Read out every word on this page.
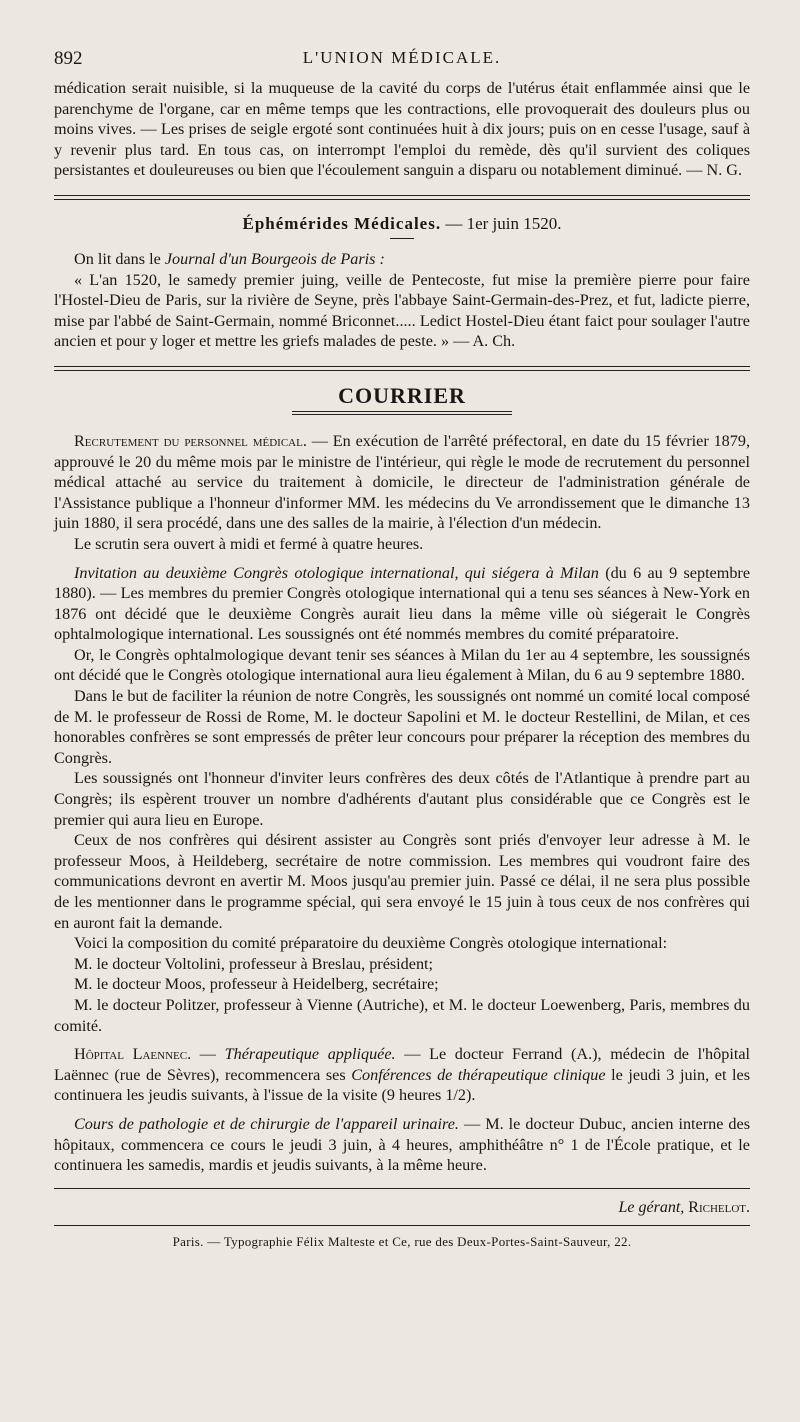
892	L'UNION MÉDICALE.

médication serait nuisible, si la muqueuse de la cavité du corps de l'utérus était enflammée ainsi que le parenchyme de l'organe, car en même temps que les contractions, elle provoquerait des douleurs plus ou moins vives. — Les prises de seigle ergoté sont continuées huit à dix jours; puis on en cesse l'usage, sauf à y revenir plus tard. En tous cas, on interrompt l'emploi du remède, dès qu'il survient des coliques persistantes et douleureuses ou bien que l'écoulement sanguin a disparu ou notablement diminué. — N. G.

Éphémérides Médicales. — 1er juin 1520.

On lit dans le Journal d'un Bourgeois de Paris :

« L'an 1520, le samedy premier juing, veille de Pentecoste, fut mise la première pierre pour faire l'Hostel-Dieu de Paris, sur la rivière de Seyne, près l'abbaye Saint-Germain-des-Prez, et fut, ladicte pierre, mise par l'abbé de Saint-Germain, nommé Briconnet..... Ledict Hostel-Dieu étant faict pour soulager l'autre ancien et pour y loger et mettre les griefs malades de peste. » — A. Ch.

COURRIER

Recrutement du personnel médical. — En exécution de l'arrêté préfectoral, en date du 15 février 1879, approuvé le 20 du même mois par le ministre de l'intérieur, qui règle le mode de recrutement du personnel médical attaché au service du traitement à domicile, le directeur de l'administration générale de l'Assistance publique a l'honneur d'informer MM. les médecins du Ve arrondissement que le dimanche 13 juin 1880, il sera procédé, dans une des salles de la mairie, à l'élection d'un médecin.

Le scrutin sera ouvert à midi et fermé à quatre heures.

Invitation au deuxième Congrès otologique international, qui siégera à Milan (du 6 au 9 septembre 1880). — Les membres du premier Congrès otologique international qui a tenu ses séances à New-York en 1876 ont décidé que le deuxième Congrès aurait lieu dans la même ville où siégerait le Congrès ophtalmologique international. Les soussignés ont été nommés membres du comité préparatoire.

Or, le Congrès ophtalmologique devant tenir ses séances à Milan du 1er au 4 septembre, les soussignés ont décidé que le Congrès otologique international aura lieu également à Milan, du 6 au 9 septembre 1880.

Dans le but de faciliter la réunion de notre Congrès, les soussignés ont nommé un comité local composé de M. le professeur de Rossi de Rome, M. le docteur Sapolini et M. le docteur Restellini, de Milan, et ces honorables confrères se sont empressés de prêter leur concours pour préparer la réception des membres du Congrès.

Les soussignés ont l'honneur d'inviter leurs confrères des deux côtés de l'Atlantique à prendre part au Congrès; ils espèrent trouver un nombre d'adhérents d'autant plus considérable que ce Congrès est le premier qui aura lieu en Europe.

Ceux de nos confrères qui désirent assister au Congrès sont priés d'envoyer leur adresse à M. le professeur Moos, à Heildeberg, secrétaire de notre commission. Les membres qui voudront faire des communications devront en avertir M. Moos jusqu'au premier juin. Passé ce délai, il ne sera plus possible de les mentionner dans le programme spécial, qui sera envoyé le 15 juin à tous ceux de nos confrères qui en auront fait la demande.

Voici la composition du comité préparatoire du deuxième Congrès otologique international:

M. le docteur Voltolini, professeur à Breslau, président;

M. le docteur Moos, professeur à Heidelberg, secrétaire;

M. le docteur Politzer, professeur à Vienne (Autriche), et M. le docteur Loewenberg, Paris, membres du comité.

Hôpital Laennec. — Thérapeutique appliquée. — Le docteur Ferrand (A.), médecin de l'hôpital Laënnec (rue de Sèvres), recommencera ses Conférences de thérapeutique clinique le jeudi 3 juin, et les continuera les jeudis suivants, à l'issue de la visite (9 heures 1/2).

Cours de pathologie et de chirurgie de l'appareil urinaire. — M. le docteur Dubuc, ancien interne des hôpitaux, commencera ce cours le jeudi 3 juin, à 4 heures, amphithéâtre n° 1 de l'École pratique, et le continuera les samedis, mardis et jeudis suivants, à la même heure.

Le gérant, Richelot.
Paris. — Typographie Félix Malteste et Ce, rue des Deux-Portes-Saint-Sauveur, 22.
